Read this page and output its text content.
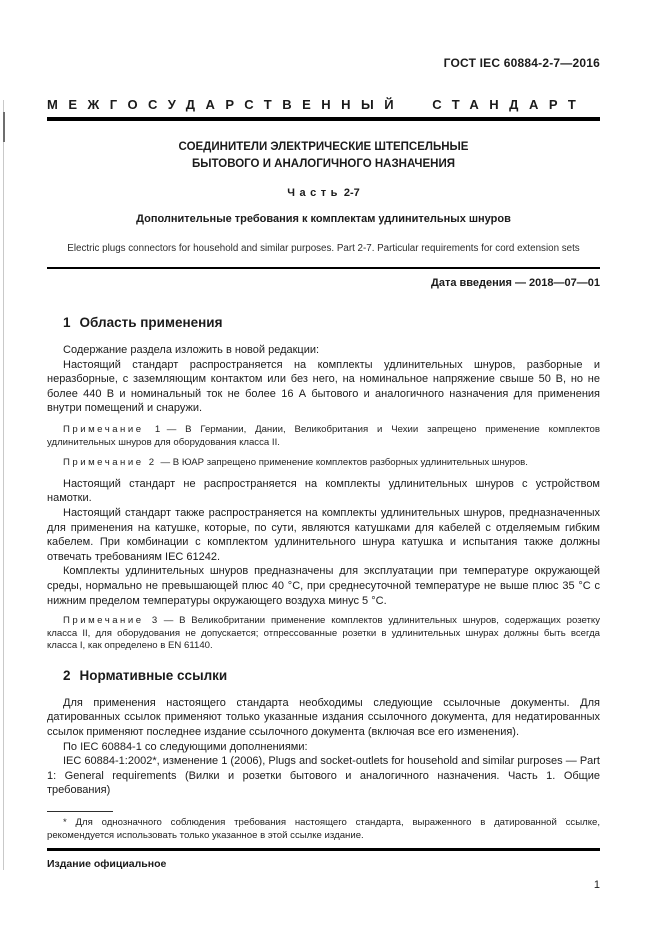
ГОСТ IEC 60884-2-7—2016
МЕЖГОСУДАРСТВЕННЫЙ СТАНДАРТ
СОЕДИНИТЕЛИ ЭЛЕКТРИЧЕСКИЕ ШТЕПСЕЛЬНЫЕ
БЫТОВОГО И АНАЛОГИЧНОГО НАЗНАЧЕНИЯ
Часть 2-7
Дополнительные требования к комплектам удлинительных шнуров
Electric plugs connectors for household and similar purposes. Part 2-7. Particular requirements for cord extension sets
Дата введения — 2018—07—01
1 Область применения

Содержание раздела изложить в новой редакции:

Настоящий стандарт распространяется на комплекты удлинительных шнуров, разборные и неразборные, с заземляющим контактом или без него, на номинальное напряжение свыше 50 В, но не более 440 В и номинальный ток не более 16 А бытового и аналогичного назначения для применения внутри помещений и снаружи.

Примечание 1 — В Германии, Дании, Великобритания и Чехии запрещено применение комплектов удлинительных шнуров для оборудования класса II.

Примечание 2 — В ЮАР запрещено применение комплектов разборных удлинительных шнуров.

Настоящий стандарт не распространяется на комплекты удлинительных шнуров с устройством намотки.

Настоящий стандарт также распространяется на комплекты удлинительных шнуров, предназначенных для применения на катушке, которые, по сути, являются катушками для кабелей с отделяемым гибким кабелем. При комбинации с комплектом удлинительного шнура катушка и испытания также должны отвечать требованиям IEC 61242.

Комплекты удлинительных шнуров предназначены для эксплуатации при температуре окружающей среды, нормально не превышающей плюс 40 °С, при среднесуточной температуре не выше плюс 35 °С с нижним пределом температуры окружающего воздуха минус 5 °С.

Примечание 3 — В Великобритании применение комплектов удлинительных шнуров, содержащих розетку класса II, для оборудования не допускается; отпрессованные розетки в удлинительных шнурах должны быть всегда класса I, как определено в EN 61140.

2 Нормативные ссылки

Для применения настоящего стандарта необходимы следующие ссылочные документы. Для датированных ссылок применяют только указанные издания ссылочного документа, для недатированных ссылок применяют последнее издание ссылочного документа (включая все его изменения).

По IEC 60884-1 со следующими дополнениями:

IEC 60884-1:2002*, изменение 1 (2006), Plugs and socket-outlets for household and similar purposes — Part 1: General requirements (Вилки и розетки бытового и аналогичного назначения. Часть 1. Общие требования)

* Для однозначного соблюдения требования настоящего стандарта, выраженного в датированной ссылке, рекомендуется использовать только указанное в этой ссылке издание.

Издание официальное
1
